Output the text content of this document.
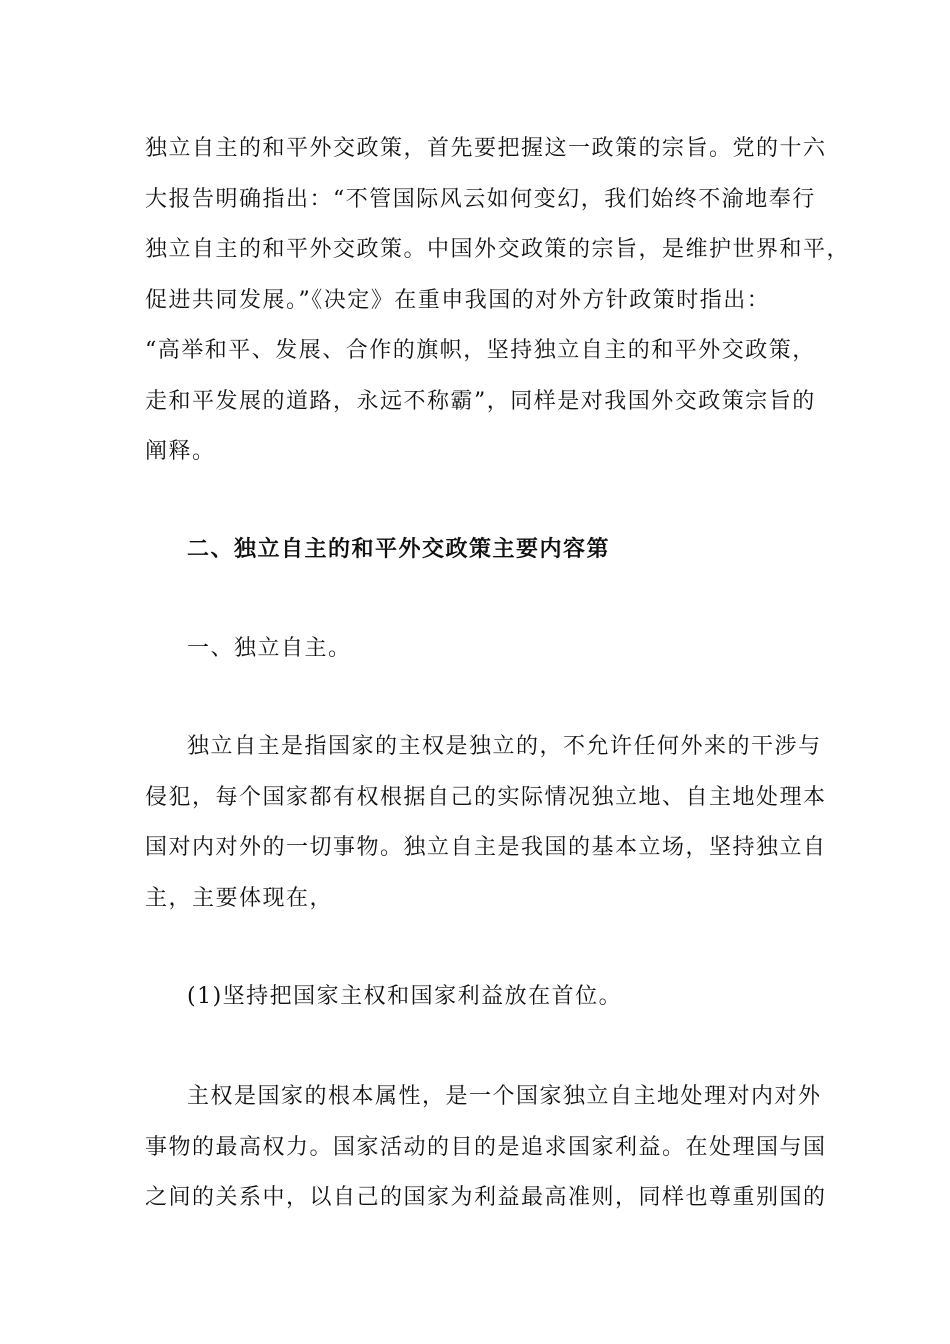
独立自主的和平外交政策，首先要把握这一政策的宗旨。党的十六
大报告明确指出：“不管国际风云如何变幻，我们始终不渝地奉行
独立自主的和平外交政策。中国外交政策的宗旨，是维护世界和平，
促进共同发展。”《决定》在重申我国的对外方针政策时指出：
“高举和平、发展、合作的旗帜，坚持独立自主的和平外交政策，
走和平发展的道路，永远不称霸”，同样是对我国外交政策宗旨的
阐释。
二、独立自主的和平外交政策主要内容第
一、独立自主。
独立自主是指国家的主权是独立的，不允许任何外来的干涉与
侵犯，每个国家都有权根据自己的实际情况独立地、自主地处理本
国对内对外的一切事物。独立自主是我国的基本立场，坚持独立自
主，主要体现在，
(1)坚持把国家主权和国家利益放在首位。
主权是国家的根本属性，是一个国家独立自主地处理对内对外
事物的最高权力。国家活动的目的是追求国家利益。在处理国与国
之间的关系中，以自己的国家为利益最高准则，同样也尊重别国的
